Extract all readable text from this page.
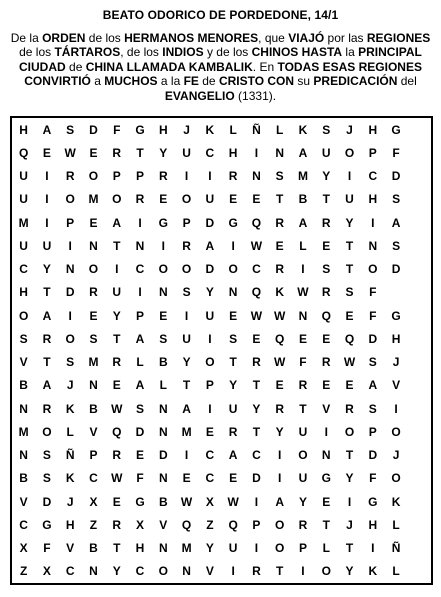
BEATO ODORICO DE PORDEDONE, 14/1
De la ORDEN de los HERMANOS MENORES, que VIAJÓ por las REGIONES de los TÁRTAROS, de los INDIOS y de los CHINOS HASTA la PRINCIPAL CIUDAD de CHINA LLAMADA KAMBALIK. En TODAS ESAS REGIONES CONVIRTIÓ a MUCHOS a la FE de CRISTO CON su PREDICACIÓN del EVANGELIO (1331).
H A S D F G H J K L Ñ L K S J H G
Q E W E R T Y U C H I N A U O P F
U I R O P P R I I R N S M Y I C D
U I O M O R E O U E E T B T U H S
M I P E A I G P D G Q R A R Y I A
U U I N T N I R A I W E L E T N S
C Y N O I C O O D O C R I S T O D
H T D R U I N S Y N Q K W R S F
O A I E Y P E I U E W W N Q E F G
S R O S T A S U I S E Q E E Q D H
V T S M R L B Y O T R W F R W S J
B A J N E A L T P Y T E R E E A V
N R K B W S N A I U Y R T V R S I
M O L V Q D N M E R T Y U I O P O
N S Ñ P R E D I C A C I O N T D J
B S K C W F N E C E D I U G Y F O
V D J X E G B W X W I A Y E I G K
C G H Z R X V Q Z Q P O R T J H L
X F V B T H N M Y U I O P L T I Ñ
Z X C N Y C O N V I R T I O Y K L
